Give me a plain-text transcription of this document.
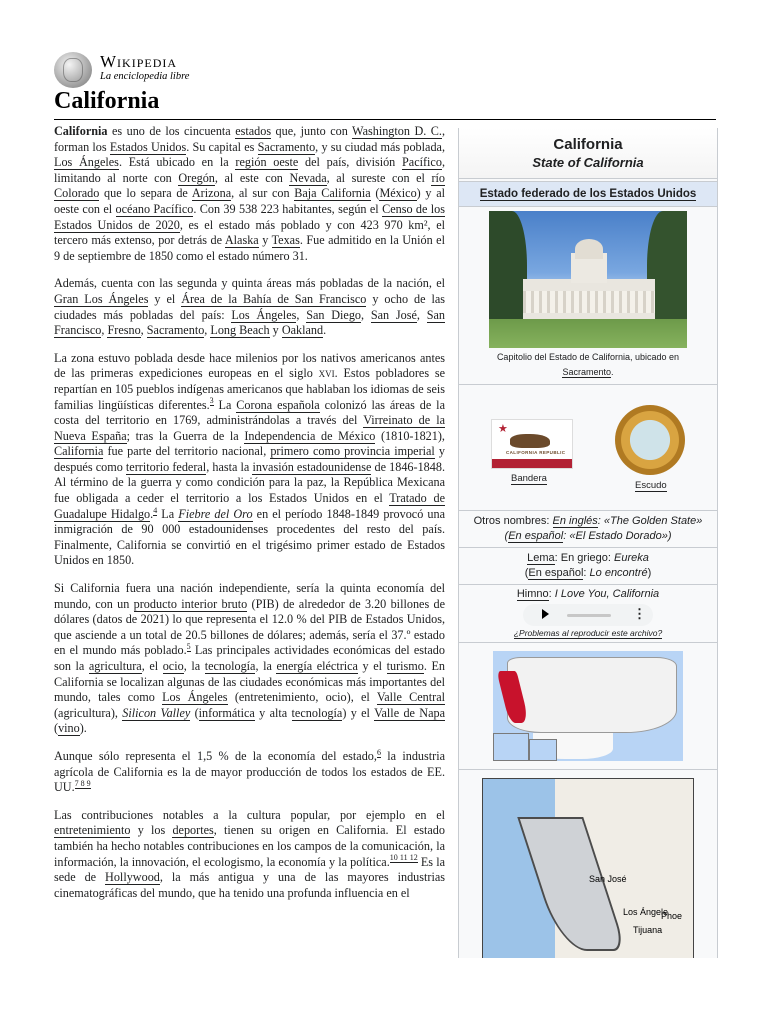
Wikipedia
La enciclopedia libre
California

California es uno de los cincuenta estados que, junto con Washington D. C., forman los Estados Unidos. Su capital es Sacramento, y su ciudad más poblada, Los Ángeles. Está ubicado en la región oeste del país, división Pacífico, limitando al norte con Oregón, al este con Nevada, al sureste con el río Colorado que lo separa de Arizona, al sur con Baja California (México) y al oeste con el océano Pacífico. Con 39 538 223 habitantes, según el Censo de los Estados Unidos de 2020, es el estado más poblado y con 423 970 km², el tercero más extenso, por detrás de Alaska y Texas. Fue admitido en la Unión el 9 de septiembre de 1850 como el estado número 31.

Además, cuenta con las segunda y quinta áreas más pobladas de la nación, el Gran Los Ángeles y el Área de la Bahía de San Francisco y ocho de las ciudades más pobladas del país: Los Ángeles, San Diego, San José, San Francisco, Fresno, Sacramento, Long Beach y Oakland.

La zona estuvo poblada desde hace milenios por los nativos americanos antes de las primeras expediciones europeas en el siglo xvi. Estos pobladores se repartían en 105 pueblos indígenas americanos que hablaban los idiomas de seis familias lingüísticas diferentes.$^3$ La Corona española colonizó las áreas de la costa del territorio en 1769, administrándolas a través del Virreinato de la Nueva España; tras la Guerra de la Independencia de México (1810-1821), California fue parte del territorio nacional, primero como provincia imperial y después como territorio federal, hasta la invasión estadounidense de 1846-1848. Al término de la guerra y como condición para la paz, la República Mexicana fue obligada a ceder el territorio a los Estados Unidos en el Tratado de Guadalupe Hidalgo.$^4$ La Fiebre del Oro en el período 1848-1849 provocó una inmigración de 90 000 estadounidenses procedentes del resto del país. Finalmente, California se convirtió en el trigésimo primer estado de Estados Unidos en 1850.

Si California fuera una nación independiente, sería la quinta economía del mundo, con un producto interior bruto (PIB) de alrededor de 3.20 billones de dólares (datos de 2021) lo que representa el 12.0 % del PIB de Estados Unidos, que asciende a un total de 20.5 billones de dólares; además, sería el 37.º estado en el mundo más poblado.$^5$ Las principales actividades económicas del estado son la agricultura, el ocio, la tecnología, la energía eléctrica y el turismo. En California se localizan algunas de las ciudades económicas más importantes del mundo, tales como Los Ángeles (entretenimiento, ocio), el Valle Central (agricultura), Silicon Valley (informática y alta tecnología) y el Valle de Napa (vino).

Aunque sólo representa el 1,5 % de la economía del estado,$^6$ la industria agrícola de California es la de mayor producción de todos los estados de EE. UU.$^{7 8 9}$

Las contribuciones notables a la cultura popular, por ejemplo en el entretenimiento y los deportes, tienen su origen en California. El estado también ha hecho notables contribuciones en los campos de la comunicación, la información, la innovación, el ecologismo, la economía y la política.$^{10 11 12}$ Es la sede de Hollywood, la más antigua y una de las mayores industrias cinematográficas del mundo, que ha tenido una profunda influencia en el

California
State of California
Estado federado de los Estados Unidos
Capitolio del Estado de California, ubicado en
Sacramento.
★
CALIFORNIA REPUBLIC
Bandera
Escudo
Otros nombres: En inglés: «The Golden State»
(En español: «El Estado Dorado»)
Lema: En griego: Eureka
(En español: Lo encontré)
Himno: I Love You, California
⋮
¿Problemas al reproducir este archivo?
San José
Los Ángele
Phoe
Tijuana
